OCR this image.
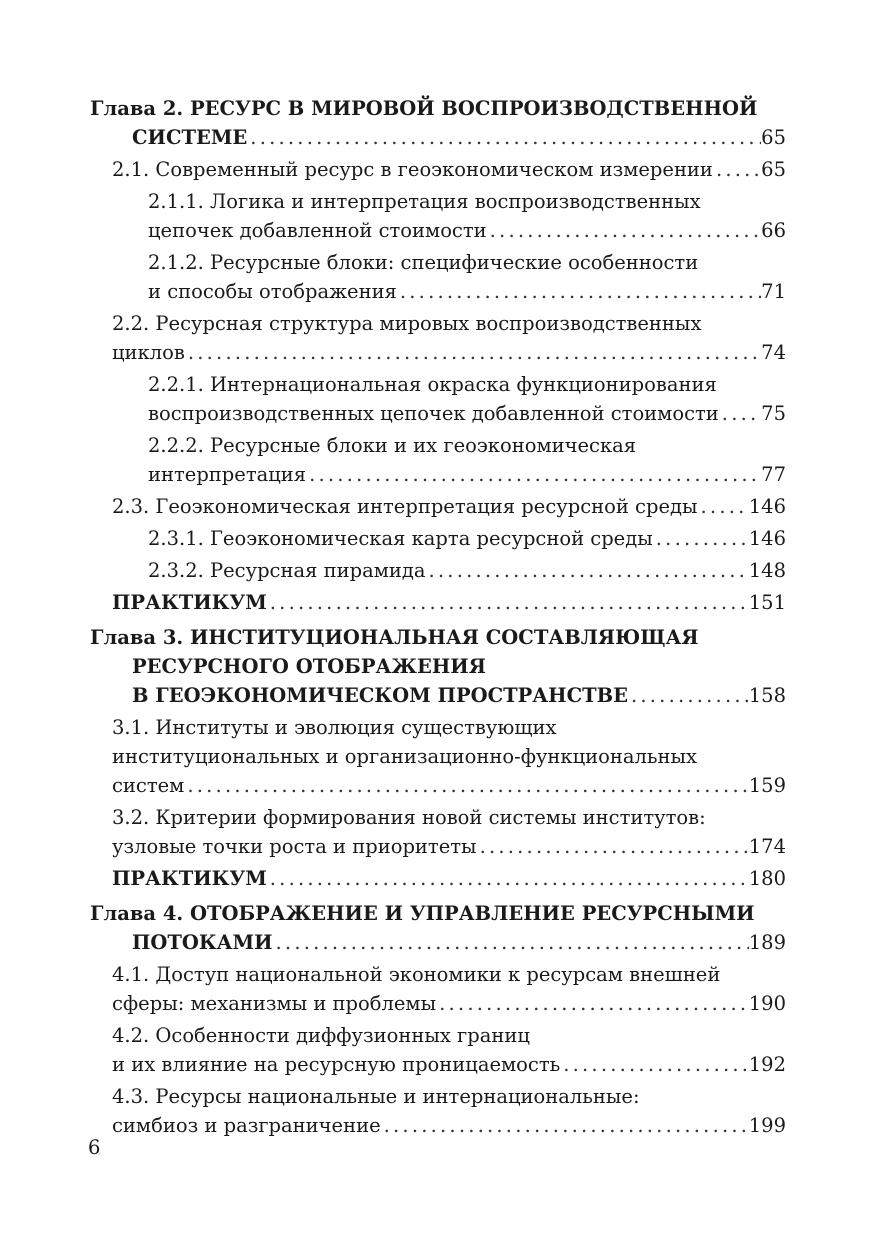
Глава 2. РЕСУРС В МИРОВОЙ ВОСПРОИЗВОДСТВЕННОЙ
СИСТЕМЕ .....	65
2.1. Современный ресурс в геоэкономическом измерении ..... 65
2.1.1. Логика и интерпретация воспроизводственных
цепочек добавленной стоимости .....	66
2.1.2. Ресурсные блоки: специфические особенности
и способы отображения .....	71
2.2. Ресурсная структура мировых воспроизводственных
циклов .....	74
2.2.1. Интернациональная окраска функционирования
воспроизводственных цепочек добавленной стоимости ..... 75
2.2.2. Ресурсные блоки и их геоэкономическая
интерпретация .....	77
2.3. Геоэкономическая интерпретация ресурсной среды .....	146
2.3.1. Геоэкономическая карта ресурсной среды .....	146
2.3.2. Ресурсная пирамида .....	148
ПРАКТИКУМ .....	151
Глава 3. ИНСТИТУЦИОНАЛЬНАЯ СОСТАВЛЯЮЩАЯ
РЕСУРСНОГО ОТОБРАЖЕНИЯ
В ГЕОЭКОНОМИЧЕСКОМ ПРОСТРАНСТВЕ .....	158
3.1. Институты и эволюция существующих
институциональных и организационно-функциональных
систем .....	159
3.2. Критерии формирования новой системы институтов:
узловые точки роста и приоритеты .....	174
ПРАКТИКУМ .....	180
Глава 4. ОТОБРАЖЕНИЕ И УПРАВЛЕНИЕ РЕСУРСНЫМИ
ПОТОКАМИ .....	189
4.1. Доступ национальной экономики к ресурсам внешней
сферы: механизмы и проблемы .....	190
4.2. Особенности диффузионных границ
и их влияние на ресурсную проницаемость .....	192
4.3. Ресурсы национальные и интернациональные:
симбиоз и разграничение .....	199
6
